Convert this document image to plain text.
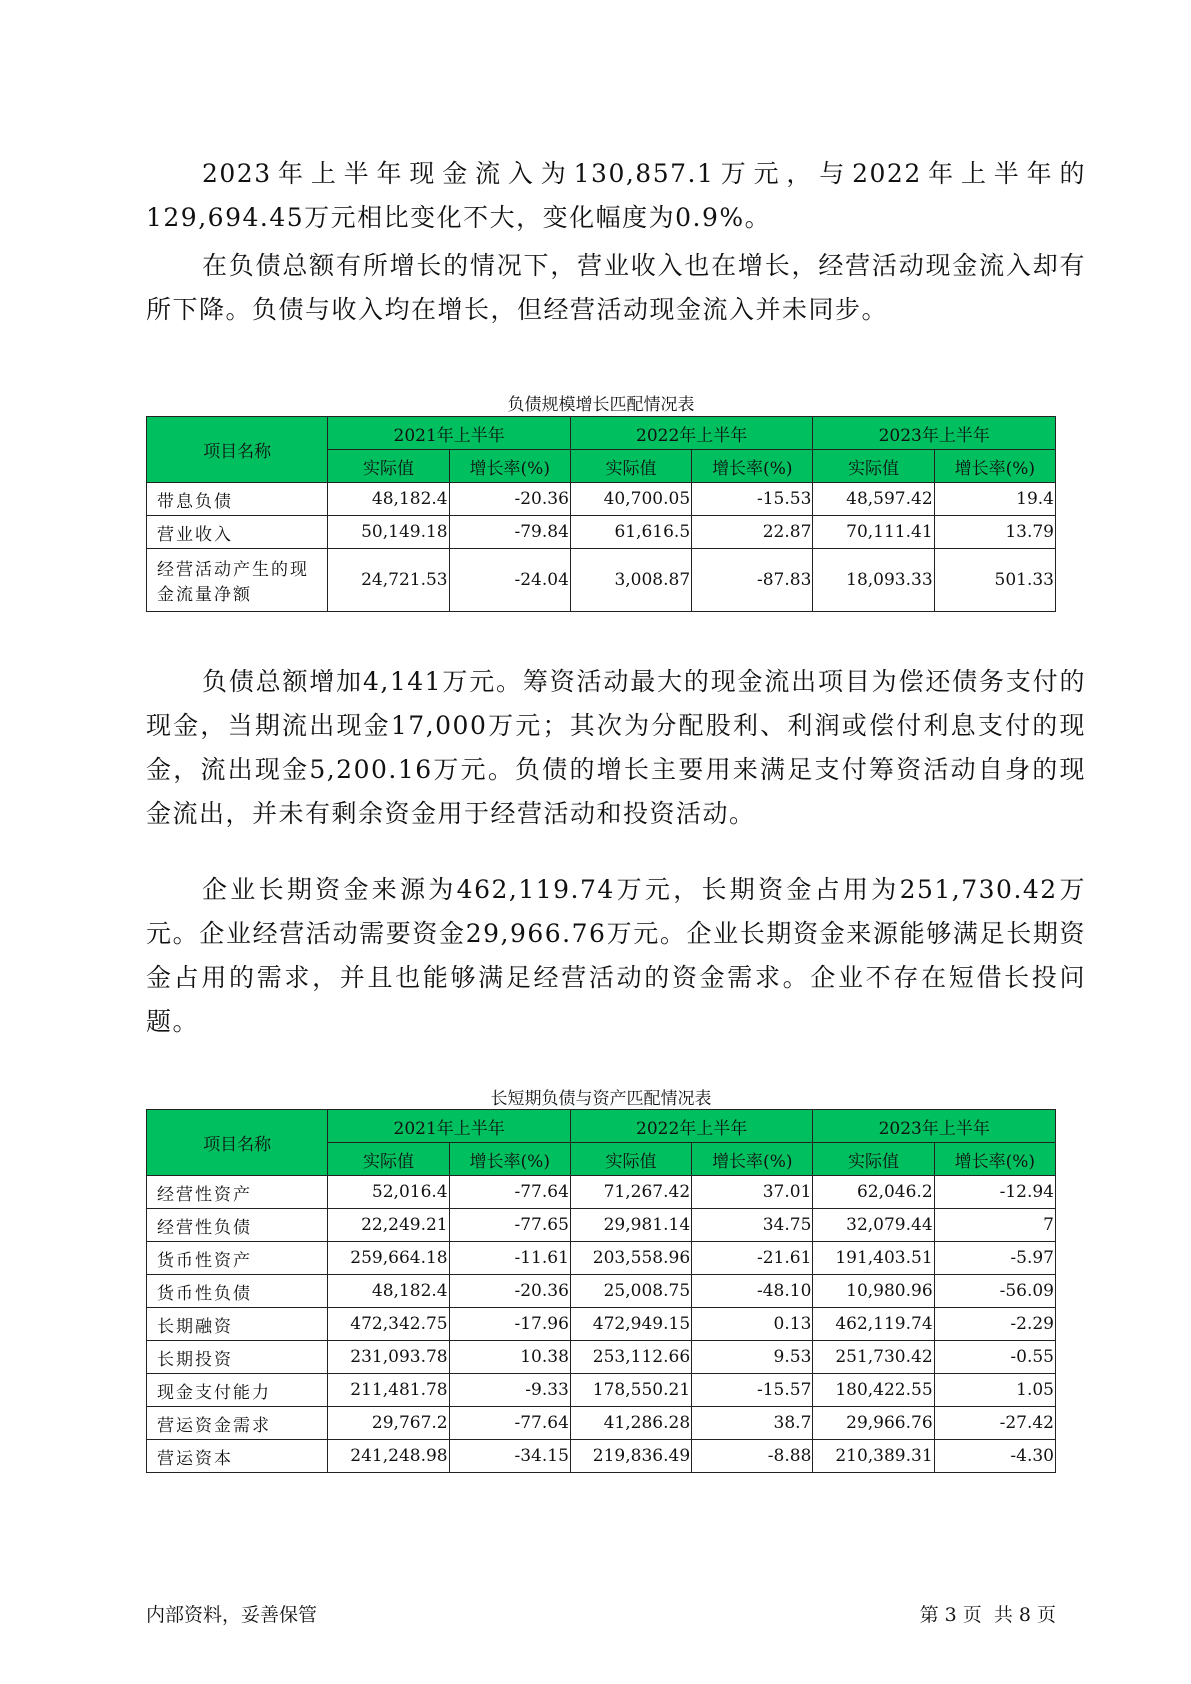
2023年上半年现金流入为130,857.1万元，与2022年上半年的129,694.45万元相比变化不大，变化幅度为0.9%。

在负债总额有所增长的情况下，营业收入也在增长，经营活动现金流入却有所下降。负债与收入均在增长，但经营活动现金流入并未同步。

负债规模增长匹配情况表
项目名称	2021年上半年		2022年上半年		2023年上半年	
	实际值	增长率(%)	实际值	增长率(%)	实际值	增长率(%)
带息负债	48,182.4	-20.36	40,700.05	-15.53	48,597.42	19.4
营业收入	50,149.18	-79.84	61,616.5	22.87	70,111.41	13.79
经营活动产生的现金流量净额	24,721.53	-24.04	3,008.87	-87.83	18,093.33	501.33

负债总额增加4,141万元。筹资活动最大的现金流出项目为偿还债务支付的现金，当期流出现金17,000万元；其次为分配股利、利润或偿付利息支付的现金，流出现金5,200.16万元。负债的增长主要用来满足支付筹资活动自身的现金流出，并未有剩余资金用于经营活动和投资活动。

企业长期资金来源为462,119.74万元，长期资金占用为251,730.42万元。企业经营活动需要资金29,966.76万元。企业长期资金来源能够满足长期资金占用的需求，并且也能够满足经营活动的资金需求。企业不存在短借长投问题。

长短期负债与资产匹配情况表
项目名称	2021年上半年		2022年上半年		2023年上半年	
	实际值	增长率(%)	实际值	增长率(%)	实际值	增长率(%)
经营性资产	52,016.4	-77.64	71,267.42	37.01	62,046.2	-12.94
经营性负债	22,249.21	-77.65	29,981.14	34.75	32,079.44	7
货币性资产	259,664.18	-11.61	203,558.96	-21.61	191,403.51	-5.97
货币性负债	48,182.4	-20.36	25,008.75	-48.10	10,980.96	-56.09
长期融资	472,342.75	-17.96	472,949.15	0.13	462,119.74	-2.29
长期投资	231,093.78	10.38	253,112.66	9.53	251,730.42	-0.55
现金支付能力	211,481.78	-9.33	178,550.21	-15.57	180,422.55	1.05
营运资金需求	29,767.2	-77.64	41,286.28	38.7	29,966.76	-27.42
营运资本	241,248.98	-34.15	219,836.49	-8.88	210,389.31	-4.30
内部资料，妥善保管	第 3 页  共 8 页
